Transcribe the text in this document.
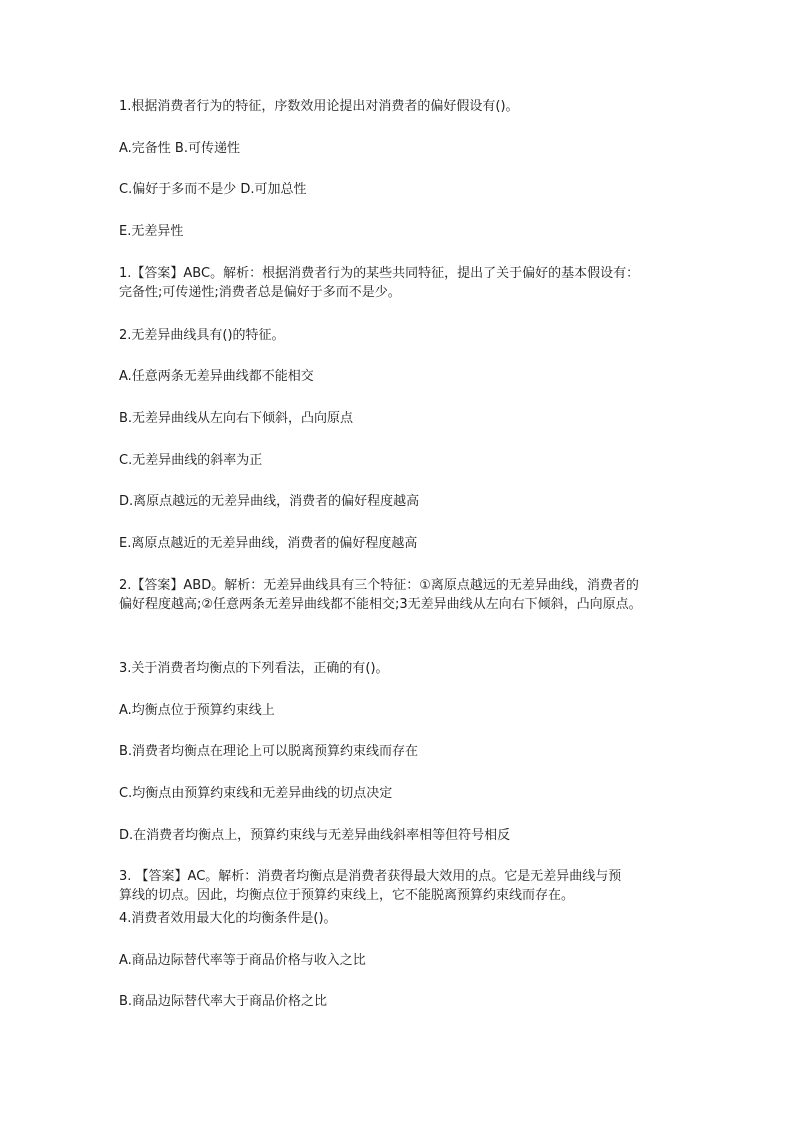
1.根据消费者行为的特征，序数效用论提出对消费者的偏好假设有()。
A.完备性 B.可传递性
C.偏好于多而不是少 D.可加总性
E.无差异性
1.【答案】ABC。解析：根据消费者行为的某些共同特征，提出了关于偏好的基本假设有：
完备性;可传递性;消费者总是偏好于多而不是少。
2.无差异曲线具有()的特征。
A.任意两条无差异曲线都不能相交
B.无差异曲线从左向右下倾斜，凸向原点
C.无差异曲线的斜率为正
D.离原点越远的无差异曲线，消费者的偏好程度越高
E.离原点越近的无差异曲线，消费者的偏好程度越高
2.【答案】ABD。解析：无差异曲线具有三个特征：①离原点越远的无差异曲线，消费者的
偏好程度越高;②任意两条无差异曲线都不能相交;3无差异曲线从左向右下倾斜，凸向原点。
3.关于消费者均衡点的下列看法，正确的有()。
A.均衡点位于预算约束线上
B.消费者均衡点在理论上可以脱离预算约束线而存在
C.均衡点由预算约束线和无差异曲线的切点决定
D.在消费者均衡点上，预算约束线与无差异曲线斜率相等但符号相反
3. 【答案】AC。解析：消费者均衡点是消费者获得最大效用的点。它是无差异曲线与预
算线的切点。因此，均衡点位于预算约束线上，它不能脱离预算约束线而存在。
4.消费者效用最大化的均衡条件是()。
A.商品边际替代率等于商品价格与收入之比
B.商品边际替代率大于商品价格之比
